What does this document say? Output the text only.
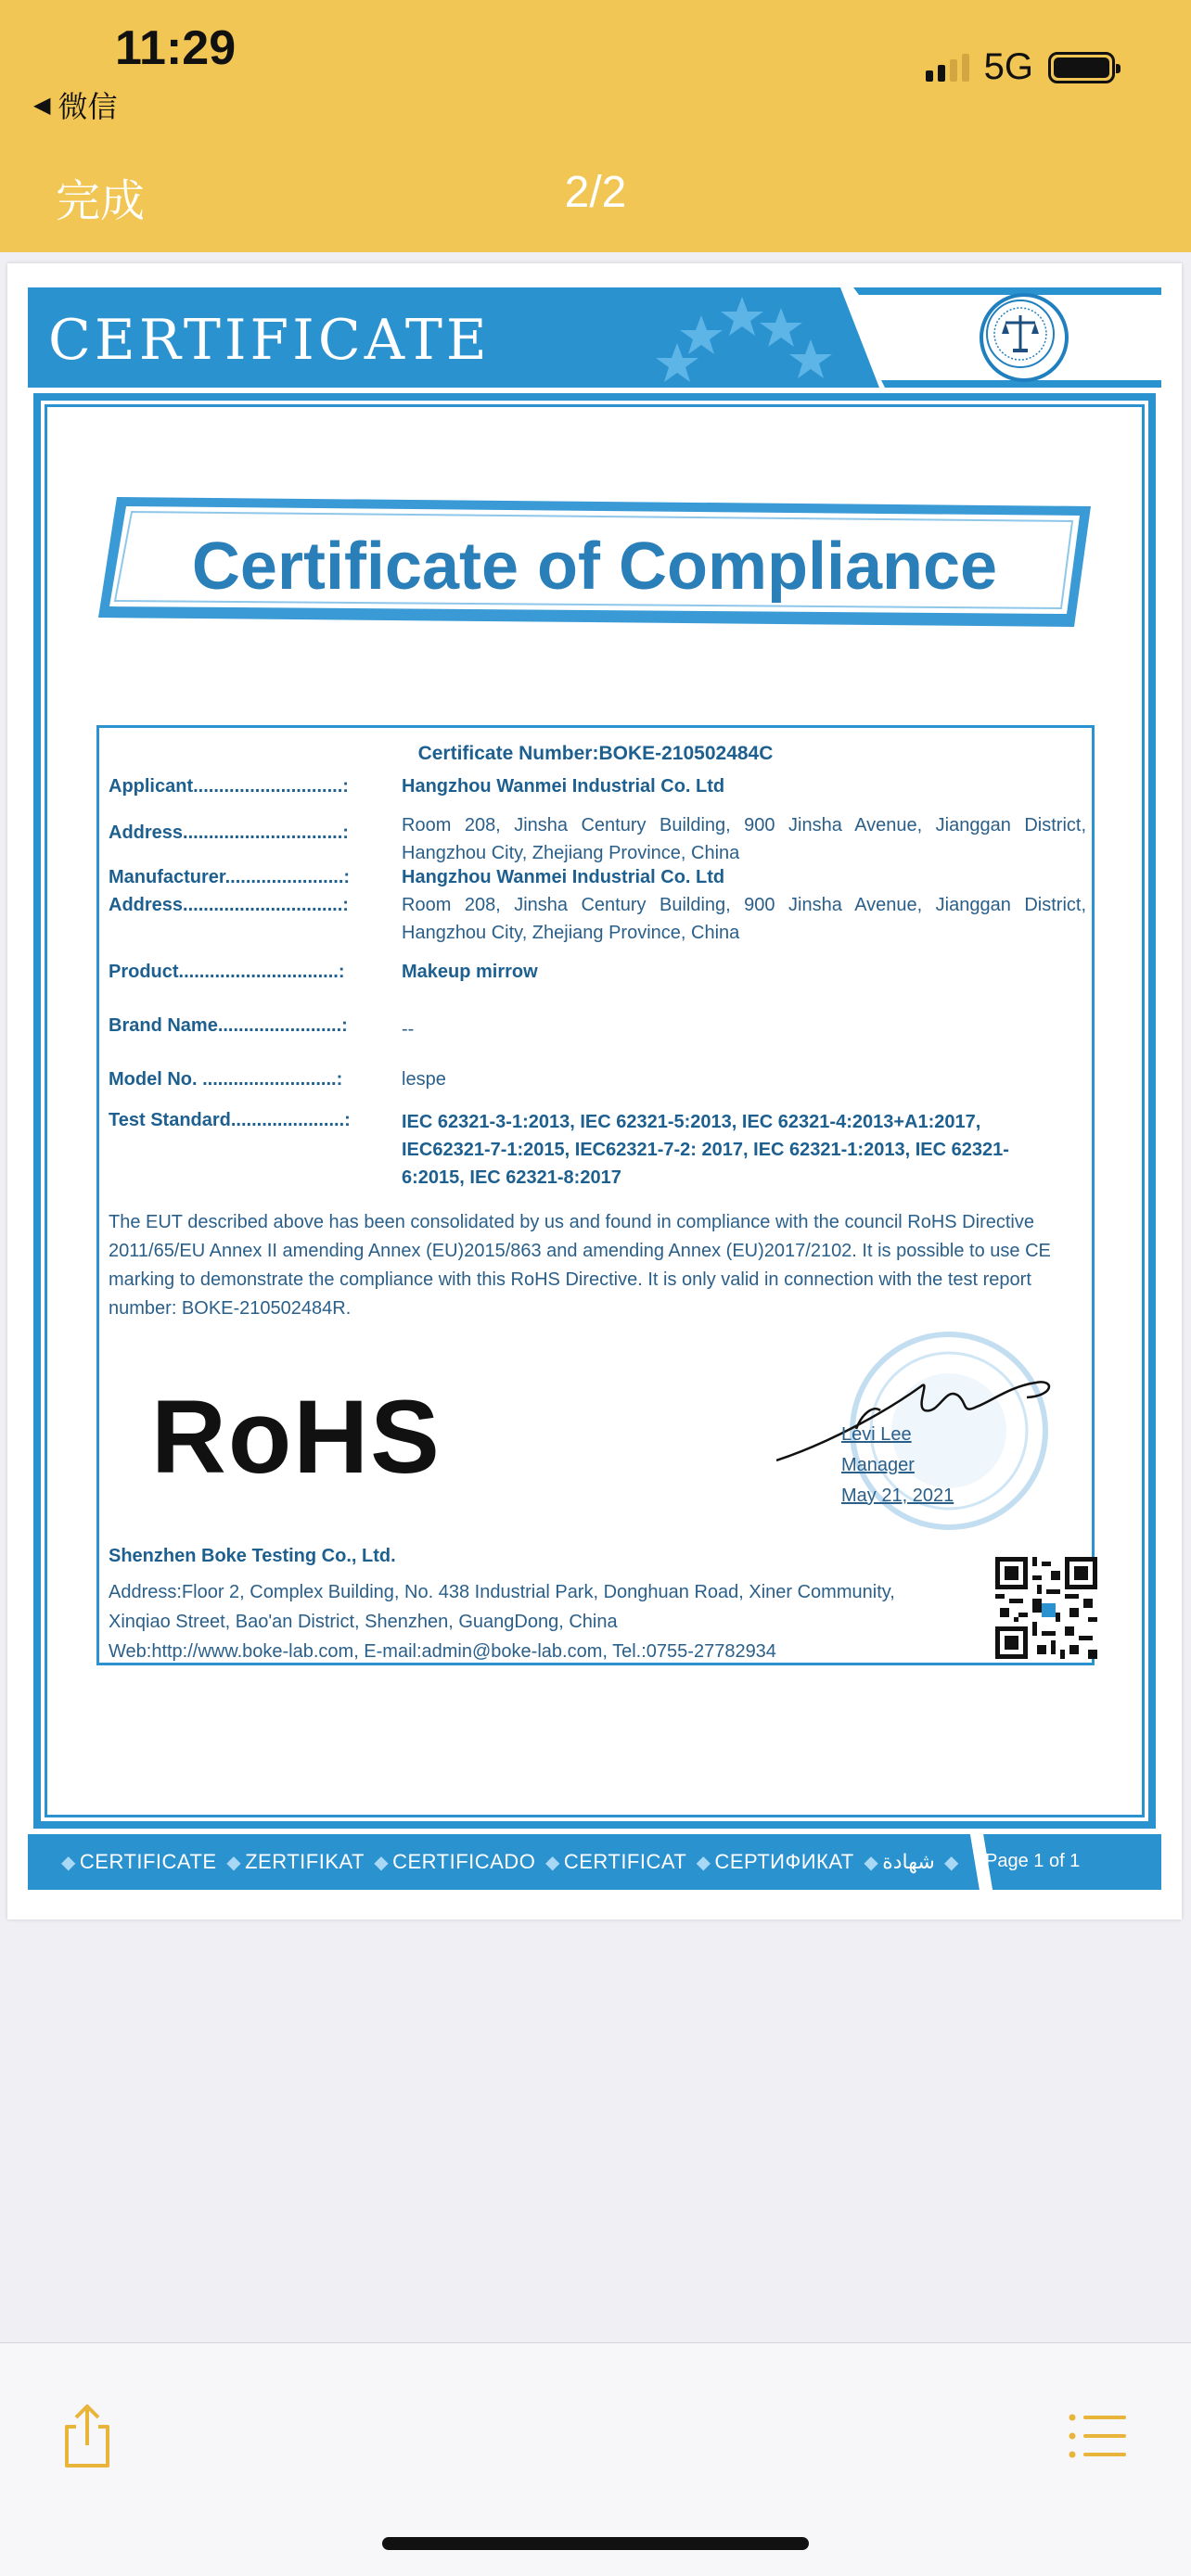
11:29
◀ 微信
5G
完成	2/2
CERTIFICATE
Certificate of Compliance
Certificate Number:BOKE-210502484C
Applicant.............................:	Hangzhou Wanmei Industrial Co. Ltd
Address...............................:	Room 208, Jinsha Century Building, 900 Jinsha Avenue, Jianggan District, Hangzhou City, Zhejiang Province, China
Manufacturer.......................:	Hangzhou Wanmei Industrial Co. Ltd
Address...............................:	Room 208, Jinsha Century Building, 900 Jinsha Avenue, Jianggan District, Hangzhou City, Zhejiang Province, China
Product...............................:	Makeup mirrow
Brand Name........................:	--
Model No. ..........................:	lespe
Test Standard......................:	IEC 62321-3-1:2013, IEC 62321-5:2013, IEC 62321-4:2013+A1:2017, IEC62321-7-1:2015, IEC62321-7-2: 2017, IEC 62321-1:2013, IEC 62321-6:2015, IEC 62321-8:2017
The EUT described above has been consolidated by us and found in compliance with the council RoHS Directive 2011/65/EU Annex II amending Annex (EU)2015/863 and amending Annex (EU)2017/2102. It is possible to use CE marking to demonstrate the compliance with this RoHS Directive. It is only valid in connection with the test report number: BOKE-210502484R.
RoHS	Levi Lee
Manager
May 21, 2021
Shenzhen Boke Testing Co., Ltd.
Address:Floor 2, Complex Building, No. 438 Industrial Park, Donghuan Road, Xiner Community, Xinqiao Street, Bao'an District, Shenzhen, GuangDong, China
Web:http://www.boke-lab.com, E-mail:admin@boke-lab.com, Tel.:0755-27782934
◆ CERTIFICATE ◆ ZERTIFIKAT ◆ CERTIFICADO ◆ CERTIFICAT ◆ СЕРТИФИКАТ ◆ شهادة ◆ Page 1 of 1
